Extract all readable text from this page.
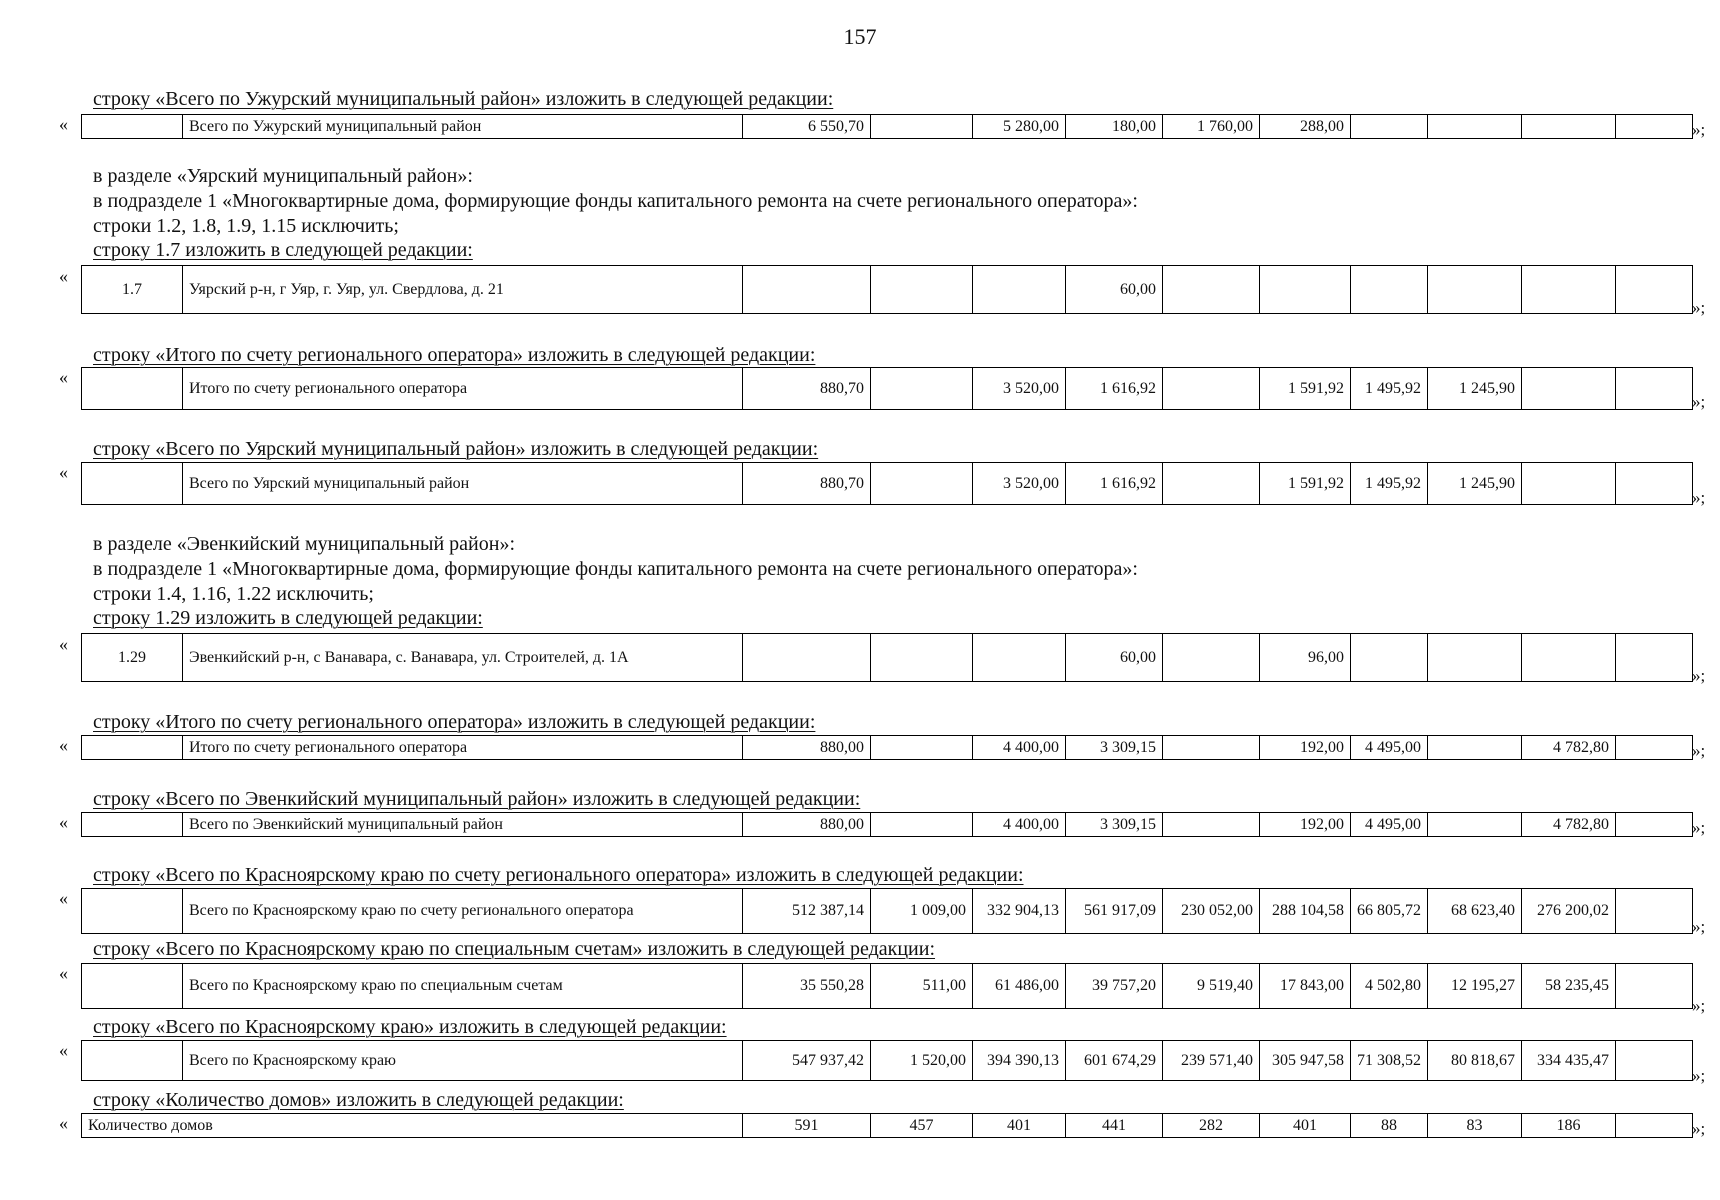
157
строку «Всего по Ужурский муниципальный район» изложить в следующей редакции:
«
		Всего по Ужурский муниципальный район	6 550,70		5 280,00	180,00	1 760,00	288,00					»;
в разделе «Уярский муниципальный район»:
в подразделе 1 «Многоквартирные дома, формирующие фонды капитального ремонта на счете регионального оператора»:
строки 1.2, 1.8, 1.9, 1.15 исключить;
строку 1.7 изложить в следующей редакции:
«
1.7	Уярский р-н, г Уяр, г. Уяр, ул. Свердлова, д. 21				60,00						
»;
строку «Итого по счету регионального оператора» изложить в следующей редакции:
«
	Итого по счету регионального оператора	880,70		3 520,00	1 616,92		1 591,92	1 495,92	1 245,90		
»;
строку «Всего по Уярский муниципальный район» изложить в следующей редакции:
«
	Всего по Уярский муниципальный район	880,70		3 520,00	1 616,92		1 591,92	1 495,92	1 245,90		
»;
в разделе «Эвенкийский муниципальный район»:
в подразделе 1 «Многоквартирные дома, формирующие фонды капитального ремонта на счете регионального оператора»:
строки 1.4, 1.16, 1.22 исключить;
строку 1.29 изложить в следующей редакции:
«
1.29	Эвенкийский р-н, с Ванавара, с. Ванавара, ул. Строителей, д. 1А				60,00		96,00				
»;
строку «Итого по счету регионального оператора» изложить в следующей редакции:
«
		Итого по счету регионального оператора	880,00		4 400,00	3 309,15		192,00	4 495,00		4 782,80		»;
строку «Всего по Эвенкийский муниципальный район» изложить в следующей редакции:
«
		Всего по Эвенкийский муниципальный район	880,00		4 400,00	3 309,15		192,00	4 495,00		4 782,80		»;
строку «Всего по Красноярскому краю по счету регионального оператора» изложить в следующей редакции:
«
	Всего по Красноярскому краю по счету регионального оператора	512 387,14	1 009,00	332 904,13	561 917,09	230 052,00	288 104,58	66 805,72	68 623,40	276 200,02	
»;
строку «Всего по Красноярскому краю по специальным счетам» изложить в следующей редакции:
«
	Всего по Красноярскому краю по специальным счетам	35 550,28	511,00	61 486,00	39 757,20	9 519,40	17 843,00	4 502,80	12 195,27	58 235,45	
»;
строку «Всего по Красноярскому краю» изложить в следующей редакции:
«
		Всего по Красноярскому краю	547 937,42	1 520,00	394 390,13	601 674,29	239 571,40	305 947,58	71 308,52	80 818,67	334 435,47	
»;
строку «Количество домов» изложить в следующей редакции:
« Количество домов	591	457	401	441	282	401	88	83	186		»;
